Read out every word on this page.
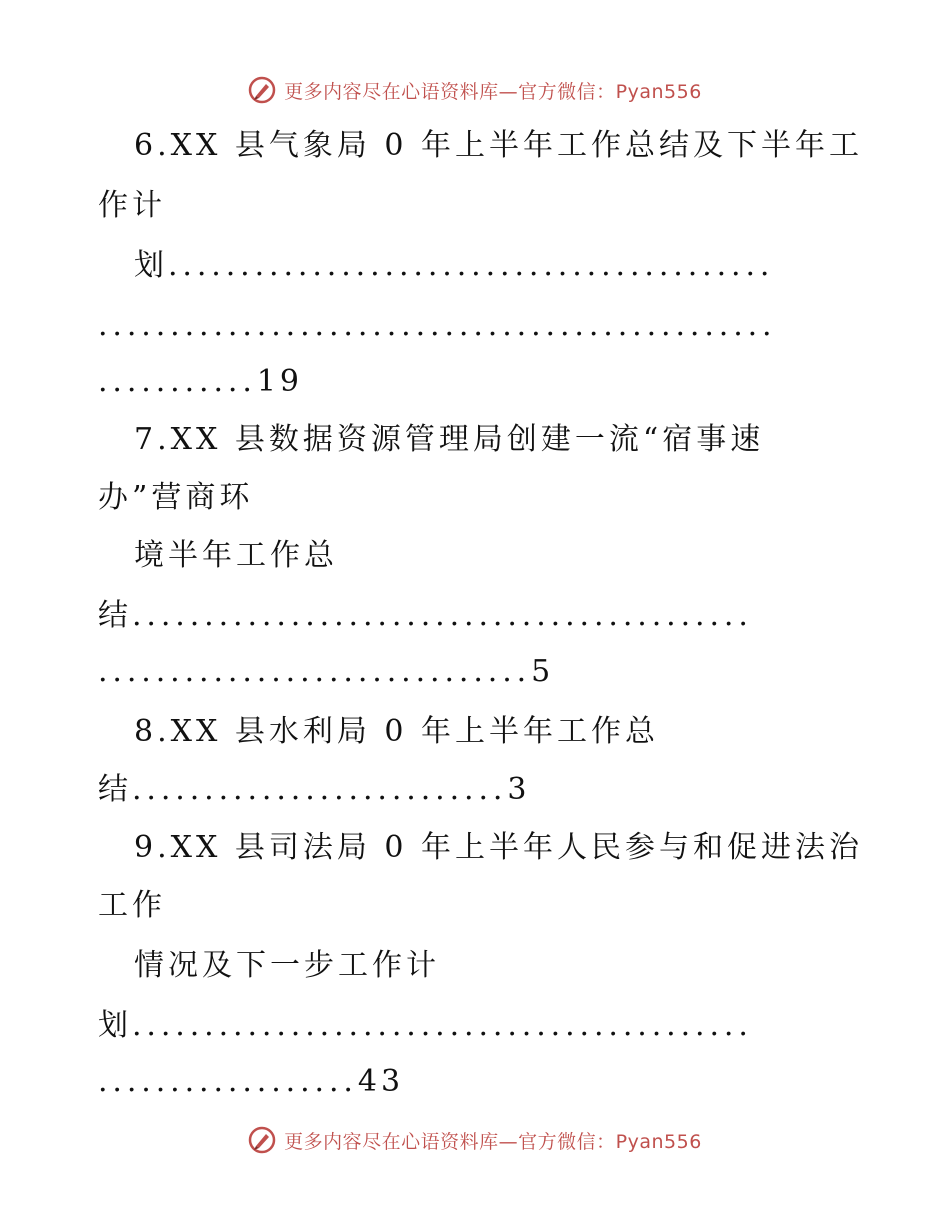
更多内容尽在心语资料库—官方微信：Pyan556
6.XX 县气象局 0 年上半年工作总结及下半年工
作计
划..........................................
...............................................
...........19
7.XX 县数据资源管理局创建一流“宿事速
办”营商环
境半年工作总
结...........................................
..............................5
8.XX 县水利局 0 年上半年工作总
结..........................3
9.XX 县司法局 0 年上半年人民参与和促进法治
工作
情况及下一步工作计
划...........................................
..................43
更多内容尽在心语资料库—官方微信：Pyan556
